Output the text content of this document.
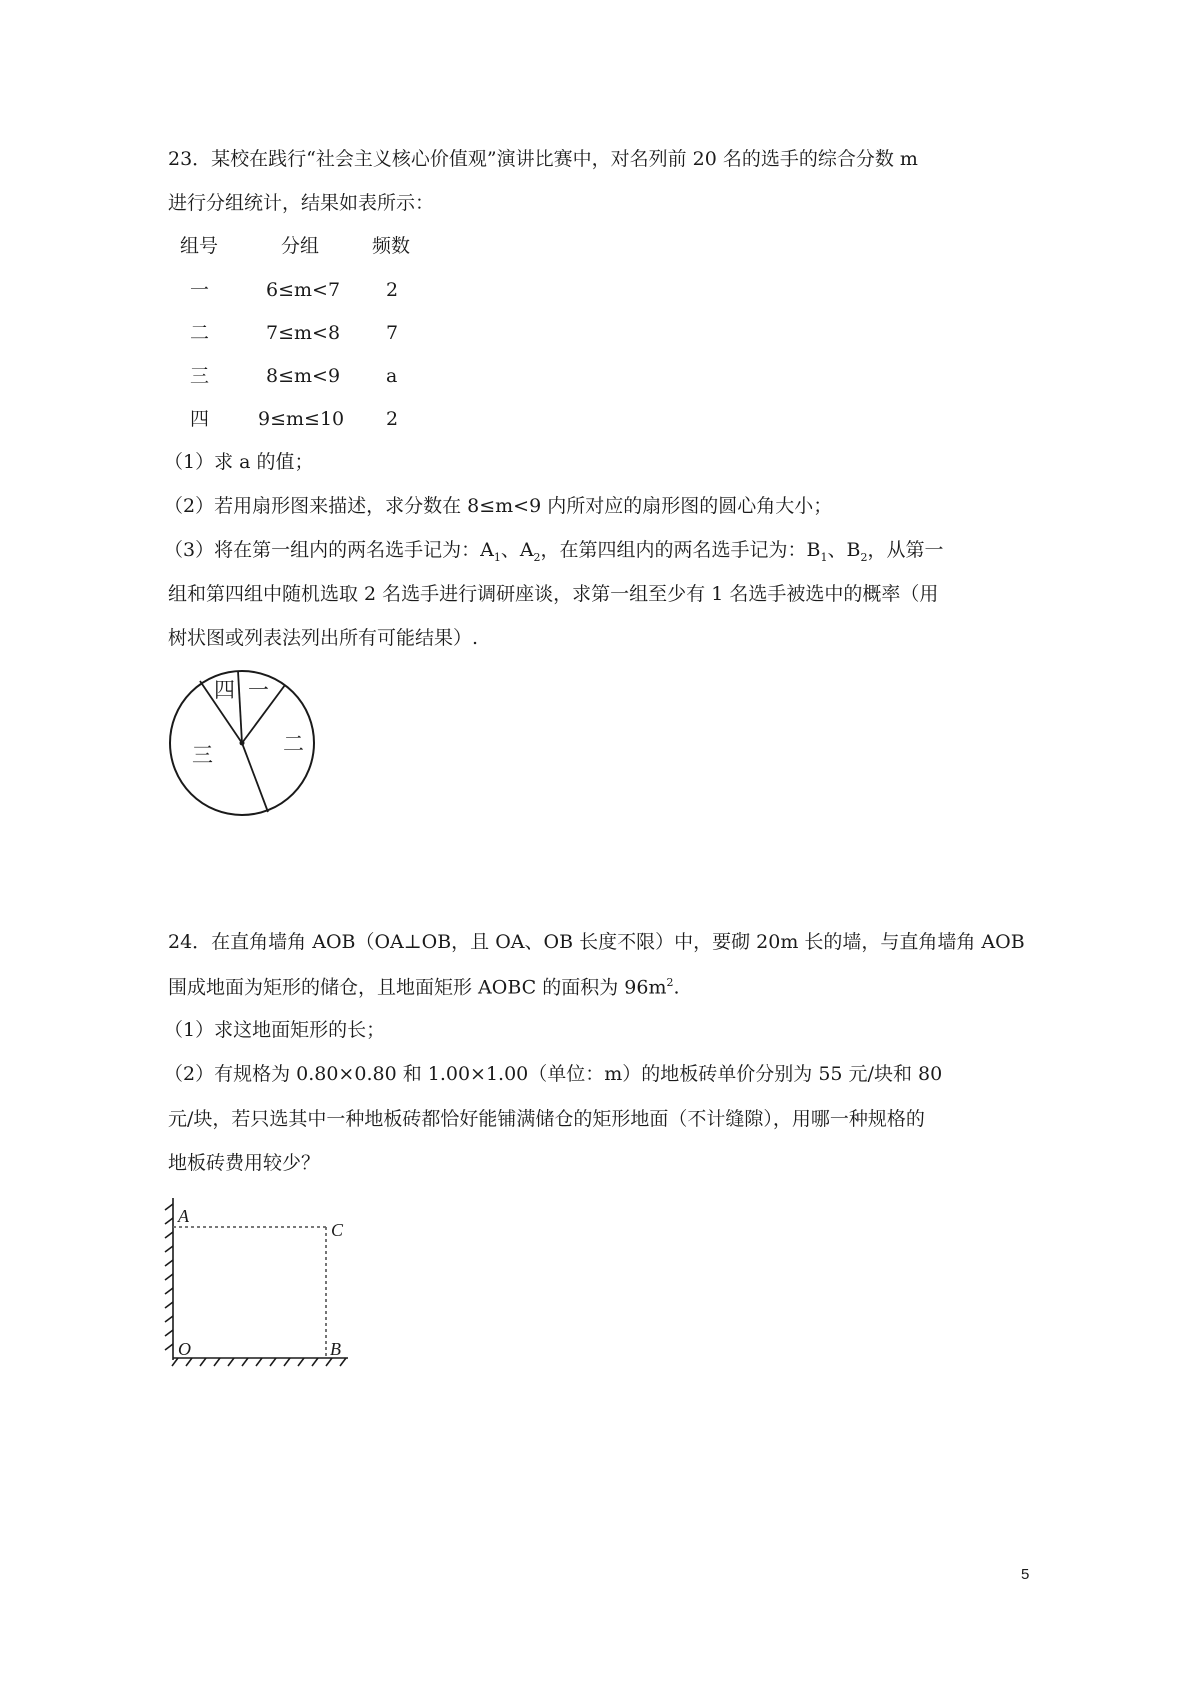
23．某校在践行“社会主义核心价值观”演讲比赛中，对名列前 20 名的选手的综合分数 m
进行分组统计，结果如表所示：
组号	分组	频数
一	6≤m<7 2
二	7≤m<8 7
三	8≤m<9 a
四	9≤m≤10 2
（1）求 a 的值；
（2）若用扇形图来描述，求分数在 8≤m<9 内所对应的扇形图的圆心角大小；
（3）将在第一组内的两名选手记为：$A_1$、$A_2$，在第四组内的两名选手记为：$B_1$、$B_2$，从第一
组和第四组中随机选取 2 名选手进行调研座谈，求第一组至少有 1 名选手被选中的概率（用
树状图或列表法列出所有可能结果）.
四 一
二
三
24．在直角墙角 AOB（OA⊥OB，且 OA、OB 长度不限）中，要砌 20m 长的墙，与直角墙角 AOB
围成地面为矩形的储仓，且地面矩形 AOBC 的面积为 $96m^2$.
（1）求这地面矩形的长；
（2）有规格为 0.80×0.80 和 1.00×1.00（单位：m）的地板砖单价分别为 55 元/块和 80
元/块，若只选其中一种地板砖都恰好能铺满储仓的矩形地面（不计缝隙），用哪一种规格的
地板砖费用较少？
A
C
O	B
5
